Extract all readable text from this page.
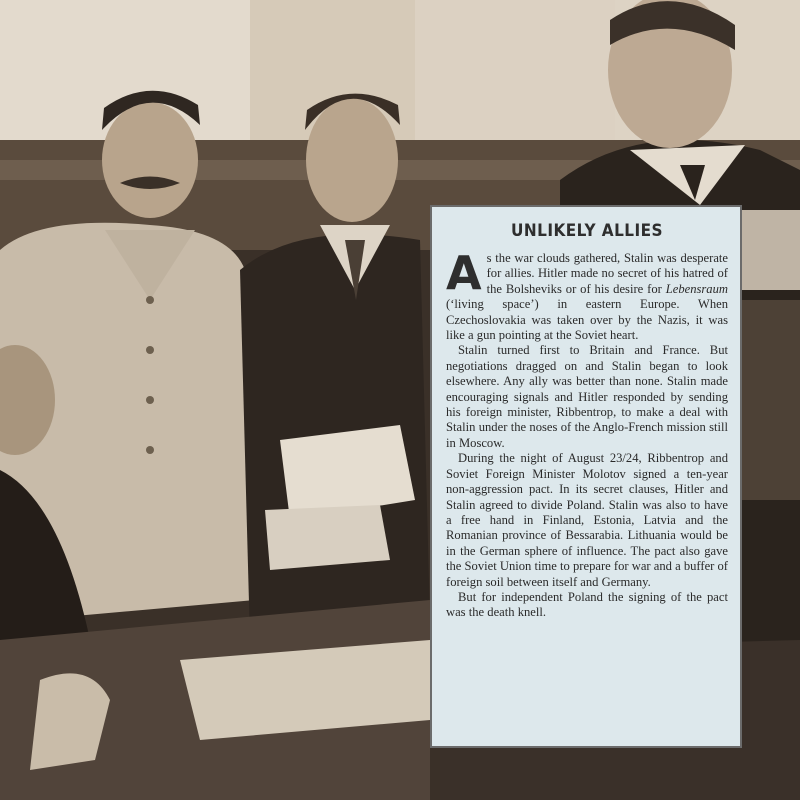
UNLIKELY ALLIES

As the war clouds gathered, Stalin was desperate for allies. Hitler made no secret of his hatred of the Bolsheviks or of his desire for Lebensraum (‘living space’) in eastern Europe. When Czechoslovakia was taken over by the Nazis, it was like a gun pointing at the Soviet heart.

Stalin turned first to Britain and France. But negotiations dragged on and Stalin began to look elsewhere. Any ally was better than none. Stalin made encouraging signals and Hitler responded by sending his foreign minister, Ribbentrop, to make a deal with Stalin under the noses of the Anglo-French mission still in Moscow.

During the night of August 23/24, Ribbentrop and Soviet Foreign Minister Molotov signed a ten-year non-aggression pact. In its secret clauses, Hitler and Stalin agreed to divide Poland. Stalin was also to have a free hand in Finland, Estonia, Latvia and the Romanian province of Bessarabia. Lithuania would be in the German sphere of influence. The pact also gave the Soviet Union time to prepare for war and a buffer of foreign soil between itself and Germany.

But for independent Poland the signing of the pact was the death knell.
